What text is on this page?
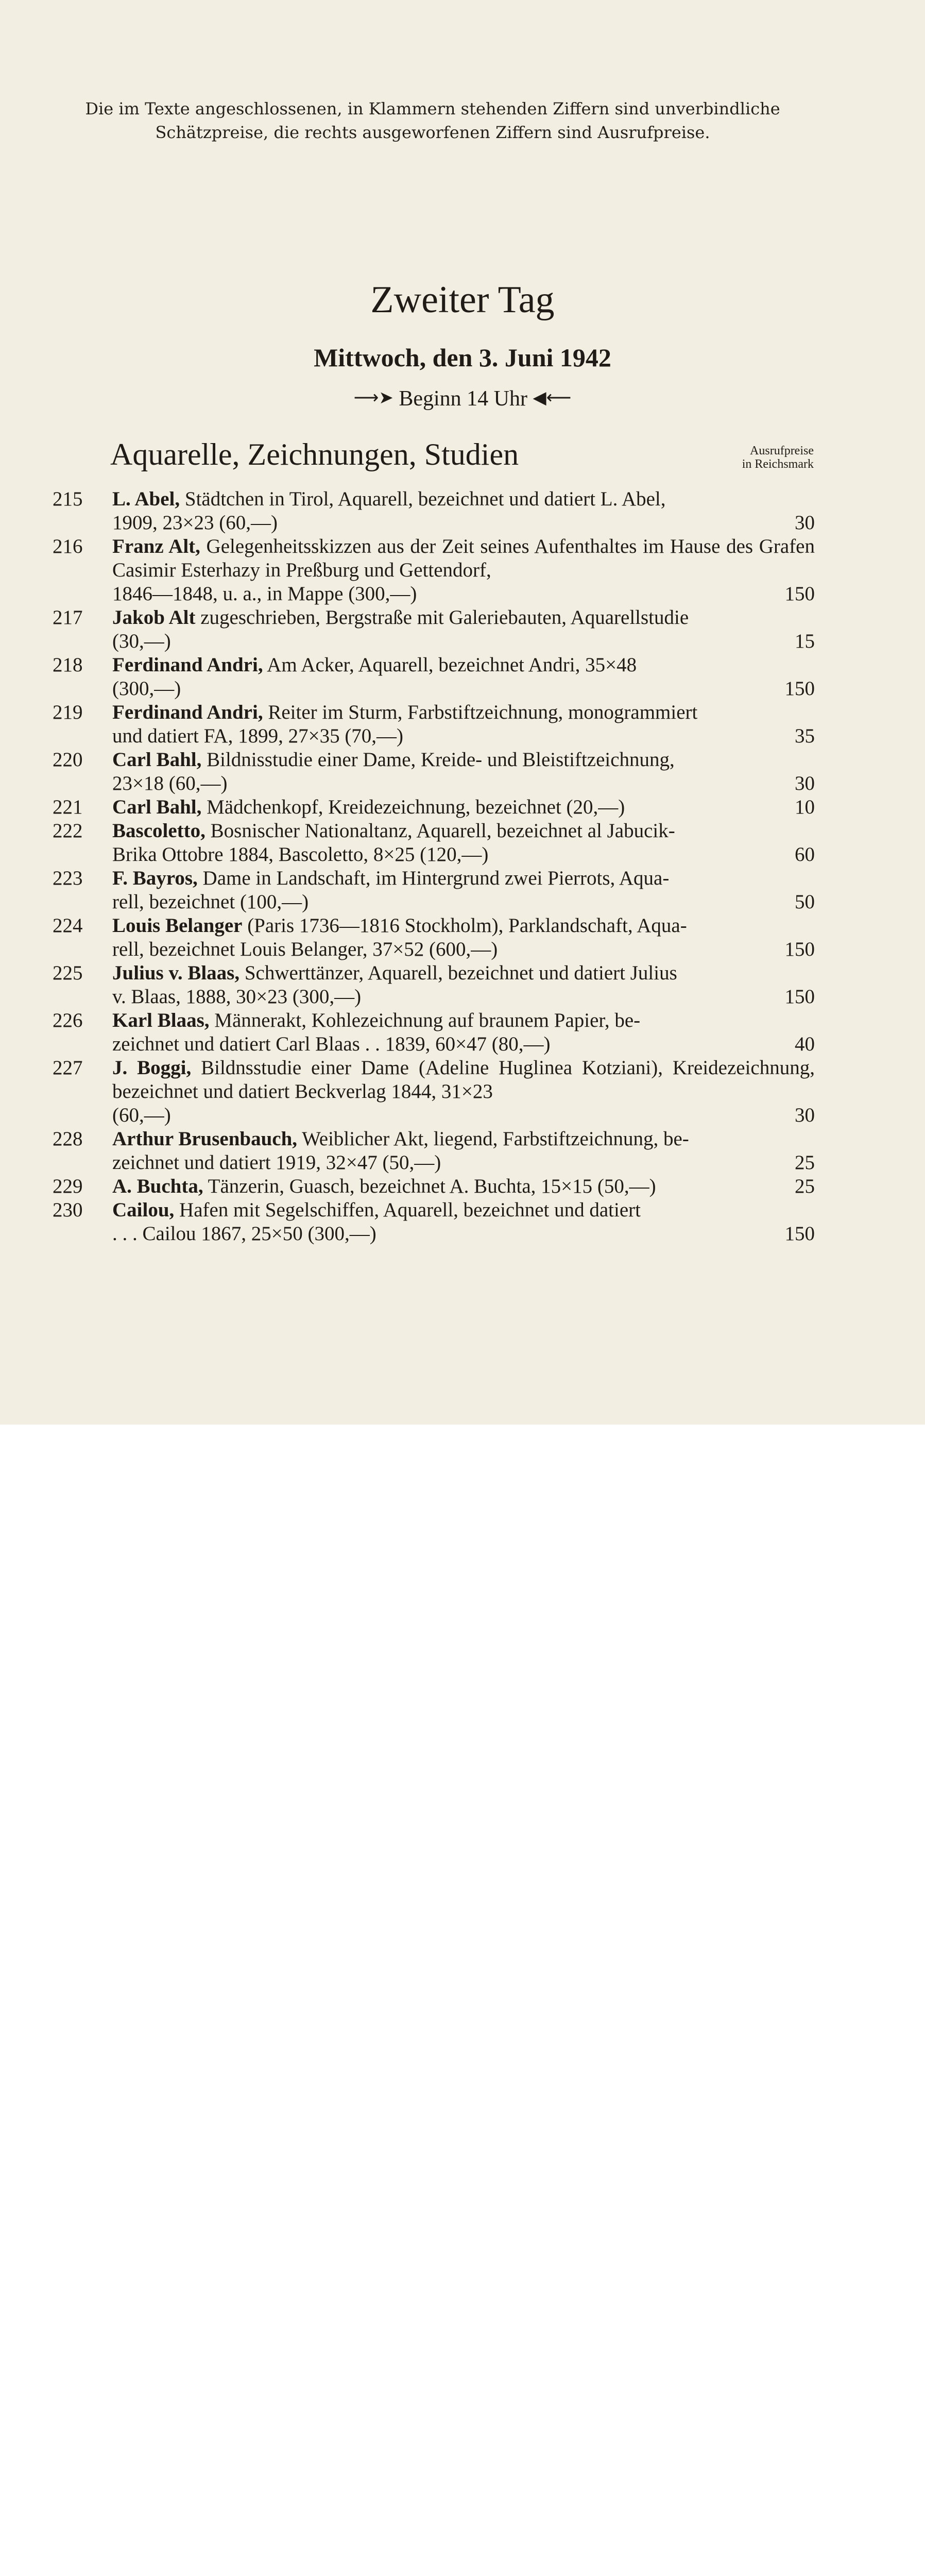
Die im Texte angeschlossenen, in Klammern stehenden Ziffern sind unverbindliche
Schätzpreise, die rechts ausgeworfenen Ziffern sind Ausrufpreise.
Zweiter Tag
Mittwoch, den 3. Juni 1942
⟶➤ Beginn 14 Uhr ◀⟵
Aquarelle, Zeichnungen, Studien	Ausrufpreise
in Reichsmark
215	L. Abel, Städtchen in Tirol, Aquarell, bezeichnet und datiert L. Abel,
1909, 23×23 (60,—)	30
216	Franz Alt, Gelegenheitsskizzen aus der Zeit seines Aufenthaltes im Hause des Grafen Casimir Esterhazy in Preßburg und Gettendorf,
1846—1848, u. a., in Mappe (300,—)	150
217	Jakob Alt zugeschrieben, Bergstraße mit Galeriebauten, Aquarellstudie
(30,—)	15
218	Ferdinand Andri, Am Acker, Aquarell, bezeichnet Andri, 35×48
(300,—)	150
219	Ferdinand Andri, Reiter im Sturm, Farbstiftzeichnung, monogrammiert
und datiert FA, 1899, 27×35 (70,—)	35
220	Carl Bahl, Bildnisstudie einer Dame, Kreide- und Bleistiftzeichnung,
23×18 (60,—)	30
221	Carl Bahl, Mädchenkopf, Kreidezeichnung, bezeichnet (20,—)	10
222	Bascoletto, Bosnischer Nationaltanz, Aquarell, bezeichnet al Jabucik-
Brika Ottobre 1884, Bascoletto, 8×25 (120,—)	60
223	F. Bayros, Dame in Landschaft, im Hintergrund zwei Pierrots, Aqua-
rell, bezeichnet (100,—)	50
224	Louis Belanger (Paris 1736—1816 Stockholm), Parklandschaft, Aqua-
rell, bezeichnet Louis Belanger, 37×52 (600,—)	150
225	Julius v. Blaas, Schwerttänzer, Aquarell, bezeichnet und datiert Julius
v. Blaas, 1888, 30×23 (300,—)	150
226	Karl Blaas, Männerakt, Kohlezeichnung auf braunem Papier, be-
zeichnet und datiert Carl Blaas . . 1839, 60×47 (80,—)	40
227	J. Boggi, Bildnsstudie einer Dame (Adeline Huglinea Kotziani), Kreidezeichnung, bezeichnet und datiert Beckverlag 1844, 31×23
(60,—)	30
228	Arthur Brusenbauch, Weiblicher Akt, liegend, Farbstiftzeichnung, be-
zeichnet und datiert 1919, 32×47 (50,—)	25
229	A. Buchta, Tänzerin, Guasch, bezeichnet A. Buchta, 15×15 (50,—)	25
230	Cailou, Hafen mit Segelschiffen, Aquarell, bezeichnet und datiert
. . . Cailou 1867, 25×50 (300,—)	150
